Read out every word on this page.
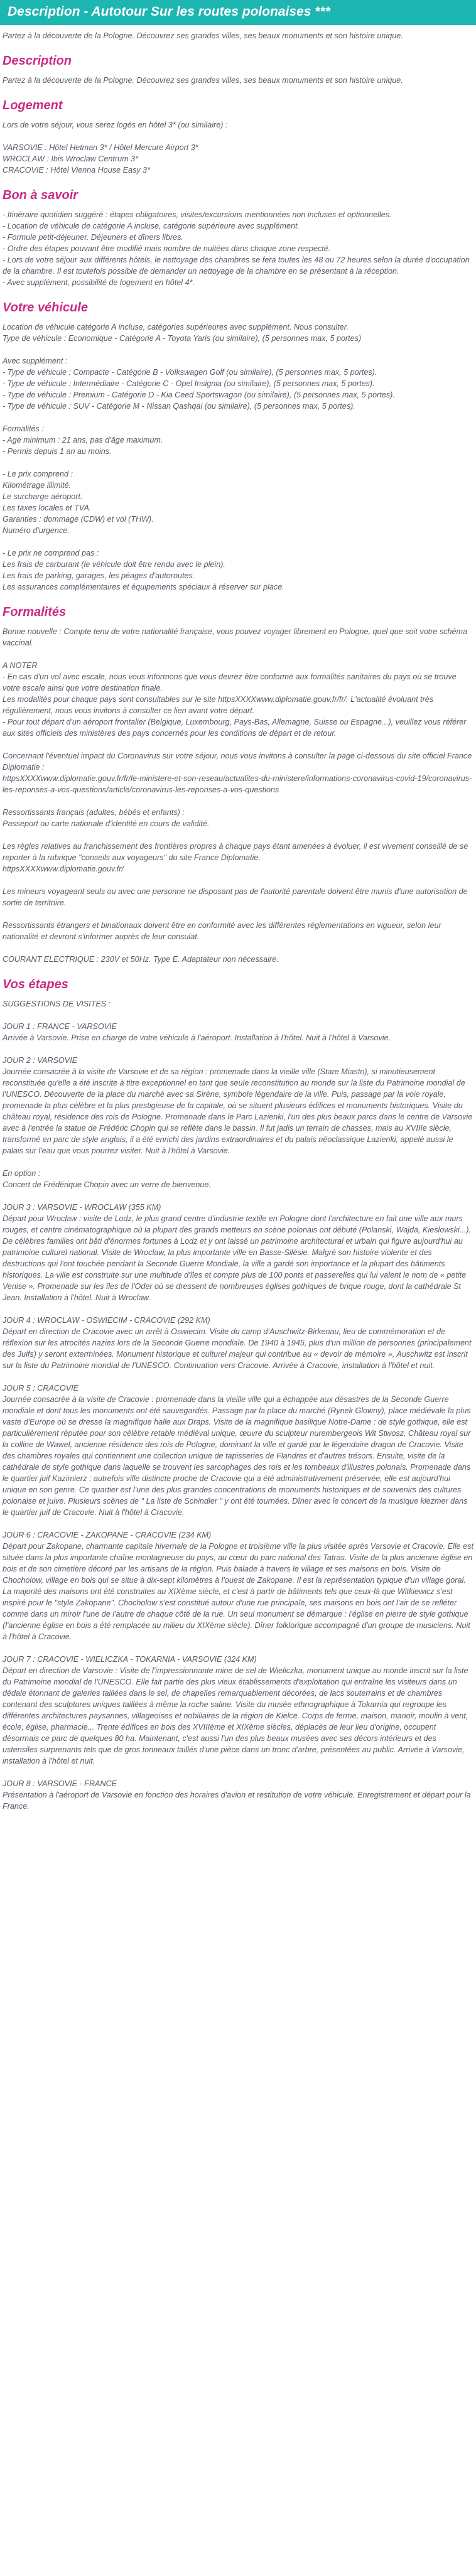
Description - Autotour Sur les routes polonaises ***

Partez à la découverte de la Pologne. Découvrez ses grandes villes, ses beaux monuments et son histoire unique.

Description

Partez à la découverte de la Pologne. Découvrez ses grandes villes, ses beaux monuments et son histoire unique.

Logement

Lors de votre séjour, vous serez logés en hôtel 3* (ou similaire) :

VARSOVIE : Hôtel Hetman 3* / Hôtel Mercure Airport 3*
WROCLAW : Ibis Wroclaw Centrum 3*
CRACOVIE : Hôtel Vienna House Easy 3*

Bon à savoir

- Itinéraire quotidien suggéré : étapes obligatoires, visites/excursions mentionnées non incluses et optionnelles.
- Location de véhicule de catégorie A incluse, catégorie supérieure avec supplément.
- Formule petit-déjeuner. Déjeuners et dîners libres.
- Ordre des étapes pouvant être modifié mais nombre de nuitées dans chaque zone respecté.
- Lors de votre séjour aux différents hôtels, le nettoyage des chambres se fera toutes les 48 ou 72 heures selon la durée d'occupation de la chambre. Il est toutefois possible de demander un nettoyage de la chambre en se présentant à la réception.
- Avec supplément, possibilité de logement en hôtel 4*.

Votre véhicule

Location de véhicule catégorie A incluse, catégories supérieures avec supplément. Nous consulter.
Type de véhicule : Economique - Catégorie A - Toyota Yaris (ou similaire), (5 personnes max, 5 portes)

Avec supplément :
- Type de véhicule : Compacte - Catégorie B - Volkswagen Golf (ou similaire), (5 personnes max, 5 portes).
- Type de véhicule : Intermédiaire - Catégorie C - Opel Insignia (ou similaire), (5 personnes max, 5 portes).
- Type de véhicule : Premium - Catégorie D - Kia Ceed Sportswagon (ou similaire), (5 personnes max, 5 portes).
- Type de véhicule : SUV - Catégorie M - Nissan Qashqai (ou similaire), (5 personnes max, 5 portes).

Formalités :
- Age minimum : 21 ans, pas d'âge maximum.
- Permis depuis 1 an au moins.

- Le prix comprend :
Kilométrage illimité.
Le surcharge aéroport.
Les taxes locales et TVA.
Garanties : dommage (CDW) et vol (THW).
Numéro d'urgence.

- Le prix ne comprend pas :
Les frais de carburant (le véhicule doit être rendu avec le plein).
Les frais de parking, garages, les péages d'autoroutes.
Les assurances complémentaires et équipements spéciaux à réserver sur place.

Formalités

Bonne nouvelle : Compte tenu de votre nationalité française, vous pouvez voyager librement en Pologne, quel que soit votre schéma vaccinal.

A NOTER
- En cas d'un vol avec escale, nous vous informons que vous devrez être conforme aux formalités sanitaires du pays où se trouve votre escale ainsi que votre destination finale.
Les modalités pour chaque pays sont consultables sur le site httpsXXXXwww.diplomatie.gouv.fr/fr/. L'actualité évoluant très régulièrement, nous vous invitons à consulter ce lien avant votre départ.
- Pour tout départ d'un aéroport frontalier (Belgique, Luxembourg, Pays-Bas, Allemagne, Suisse ou Espagne...), veuillez vous référer aux sites officiels des ministères des pays concernés pour les conditions de départ et de retour.

Concernant l'éventuel impact du Coronavirus sur votre séjour, nous vous invitons à consulter la page ci-dessous du site officiel France Diplomatie :
httpsXXXXwww.diplomatie.gouv.fr/fr/le-ministere-et-son-reseau/actualites-du-ministere/informations-coronavirus-covid-19/coronavirus-les-reponses-a-vos-questions/article/coronavirus-les-reponses-a-vos-questions

Ressortissants français (adultes, bébés et enfants) :
Passeport ou carte nationale d'identité en cours de validité.

Les règles relatives au franchissement des frontières propres à chaque pays étant amenées à évoluer, il est vivement conseillé de se reporter à la rubrique "conseils aux voyageurs" du site France Diplomatie.
httpsXXXXwww.diplomatie.gouv.fr/

Les mineurs voyageant seuls ou avec une personne ne disposant pas de l'autorité parentale doivent être munis d'une autorisation de sortie de territoire.

Ressortissants étrangers et binationaux doivent être en conformité avec les différentes réglementations en vigueur, selon leur nationalité et devront s'informer auprès de leur consulat.

COURANT ELECTRIQUE : 230V et 50Hz. Type E. Adaptateur non nécessaire.

Vos étapes

SUGGESTIONS DE VISITES :

JOUR 1 : FRANCE - VARSOVIE
Arrivée à Varsovie. Prise en charge de votre véhicule à l'aéroport. Installation à l'hôtel. Nuit à l'hôtel à Varsovie.

JOUR 2 : VARSOVIE
Journée consacrée à la visite de Varsovie et de sa région : promenade dans la vieille ville (Stare Miasto), si minutieusement reconstituée qu'elle a été inscrite à titre exceptionnel en tant que seule reconstitution au monde sur la liste du Patrimoine mondial de l'UNESCO. Découverte de la place du marché avec sa Sirène, symbole légendaire de la ville. Puis, passage par la voie royale, promenade la plus célèbre et la plus prestigieuse de la capitale, où se situent plusieurs édifices et monuments historiques. Visite du château royal, résidence des rois de Pologne. Promenade dans le Parc Lazienki, l'un des plus beaux parcs dans le centre de Varsovie avec à l'entrée la statue de Frédéric Chopin qui se reflète dans le bassin. Il fut jadis un terrain de chasses, mais au XVIIIe siècle, transformé en parc de style anglais, il a été enrichi des jardins extraordinaires et du palais néoclassique Lazienki, appelé aussi le palais sur l'eau que vous pourrez visiter. Nuit à l'hôtel à Varsovie.

En option :
Concert de Frédérique Chopin avec un verre de bienvenue.

JOUR 3 : VARSOVIE - WROCLAW (355 KM)
Départ pour Wroclaw : visite de Lodz, le plus grand centre d'industrie textile en Pologne dont l'architecture en fait une ville aux murs rouges, et centre cinématographique où la plupart des grands metteurs en scène polonais ont débuté (Polanski, Wajda, Kieslowski...). De célèbres familles ont bâti d'énormes fortunes à Lodz et y ont laissé un patrimoine architectural et urbain qui figure aujourd'hui au patrimoine culturel national. Visite de Wroclaw, la plus importante ville en Basse-Silésie. Malgré son histoire violente et des destructions qui l'ont touchée pendant la Seconde Guerre Mondiale, la ville a gardé son importance et la plupart des bâtiments historiques. La ville est construite sur une multitude d'îles et compte plus de 100 ponts et passerelles qui lui valent le nom de « petite Venise ». Promenade sur les îles de l'Oder où se dressent de nombreuses églises gothiques de brique rouge, dont la cathédrale St Jean. Installation à l'hôtel. Nuit à Wroclaw.

JOUR 4 : WROCLAW - OSWIECIM - CRACOVIE (292 KM)
Départ en direction de Cracovie avec un arrêt à Oswiecim. Visite du camp d'Auschwitz-Birkenau, lieu de commémoration et de réflexion sur les atrocités nazies lors de la Seconde Guerre mondiale. De 1940 à 1945, plus d'un million de personnes (principalement des Juifs) y seront exterminées. Monument historique et culturel majeur qui contribue au « devoir de mémoire », Auschwitz est inscrit sur la liste du Patrimoine mondial de l'UNESCO. Continuation vers Cracovie. Arrivée à Cracovie, installation à l'hôtel et nuit.

JOUR 5 : CRACOVIE
Journée consacrée à la visite de Cracovie : promenade dans la vieille ville qui a échappée aux désastres de la Seconde Guerre mondiale et dont tous les monuments ont été sauvegardés. Passage par la place du marché (Rynek Glowny), place médiévale la plus vaste d'Europe où se dresse la magnifique halle aux Draps. Visite de la magnifique basilique Notre-Dame : de style gothique, elle est particulièrement réputée pour son célèbre retable médiéval unique, œuvre du sculpteur nurembergeois Wit Stwosz. Château royal sur la colline de Wawel, ancienne résidence des rois de Pologne, dominant la ville et gardé par le légendaire dragon de Cracovie. Visite des chambres royales qui contiennent une collection unique de tapisseries de Flandres et d'autres trésors. Ensuite, visite de la cathédrale de style gothique dans laquelle se trouvent les sarcophages des rois et les tombeaux d'illustres polonais. Promenade dans le quartier juif Kazimierz : autrefois ville distincte proche de Cracovie qui a été administrativement préservée, elle est aujourd'hui unique en son genre. Ce quartier est l'une des plus grandes concentrations de monuments historiques et de souvenirs des cultures polonaise et juive. Plusieurs scènes de " La liste de Schindler " y ont été tournées. Dîner avec le concert de la musique klezmer dans le quartier juif de Cracovie. Nuit à l'hôtel à Cracovie.

JOUR 6 : CRACOVIE - ZAKOPANE - CRACOVIE (234 KM)
Départ pour Zakopane, charmante capitale hivernale de la Pologne et troisième ville la plus visitée après Varsovie et Cracovie. Elle est située dans la plus importante chaîne montagneuse du pays, au cœur du parc national des Tatras. Visite de la plus ancienne église en bois et de son cimetière décoré par les artisans de la région. Puis balade à travers le village et ses maisons en bois. Visite de Chocholow, village en bois qui se situe à dix-sept kilomètres à l'ouest de Zakopane. Il est la représentation typique d'un village goral. La majorité des maisons ont été construites au XIXème siècle, et c'est à partir de bâtiments tels que ceux-là que Witkiewicz s'est inspiré pour le "style Zakopane". Chocholow s'est constitué autour d'une rue principale, ses maisons en bois ont l'air de se refléter comme dans un miroir l'une de l'autre de chaque côté de la rue. Un seul monument se démarque : l'église en pierre de style gothique (l'ancienne église en bois a été remplacée au milieu du XIXème siècle). Dîner folklorique accompagné d'un groupe de musiciens. Nuit à l'hôtel à Cracovie.

JOUR 7 : CRACOVIE - WIELICZKA - TOKARNIA - VARSOVIE (324 KM)
Départ en direction de Varsovie : Visite de l'impressionnante mine de sel de Wieliczka, monument unique au monde inscrit sur la liste du Patrimoine mondial de l'UNESCO. Elle fait partie des plus vieux établissements d'exploitation qui entraîne les visiteurs dans un dédale étonnant de galeries taillées dans le sel, de chapelles remarquablement décorées, de lacs souterrains et de chambres contenant des sculptures uniques taillées à même la roche saline. Visite du musée ethnographique à Tokarnia qui regroupe les différentes architectures paysannes, villageoises et nobiliaires de la région de Kielce. Corps de ferme, maison, manoir, moulin à vent, école, église, pharmacie... Trente édifices en bois des XVIIIème et XIXème siècles, déplacés de leur lieu d'origine, occupent désormais ce parc de quelques 80 ha. Maintenant, c'est aussi l'un des plus beaux musées avec ses décors intérieurs et des ustensiles surprenants tels que de gros tonneaux taillés d'une pièce dans un tronc d'arbre, présentées au public. Arrivée à Varsovie, installation à l'hôtel et nuit.

JOUR 8 : VARSOVIE - FRANCE
Présentation à l'aéroport de Varsovie en fonction des horaires d'avion et restitution de votre véhicule. Enregistrement et départ pour la France.
